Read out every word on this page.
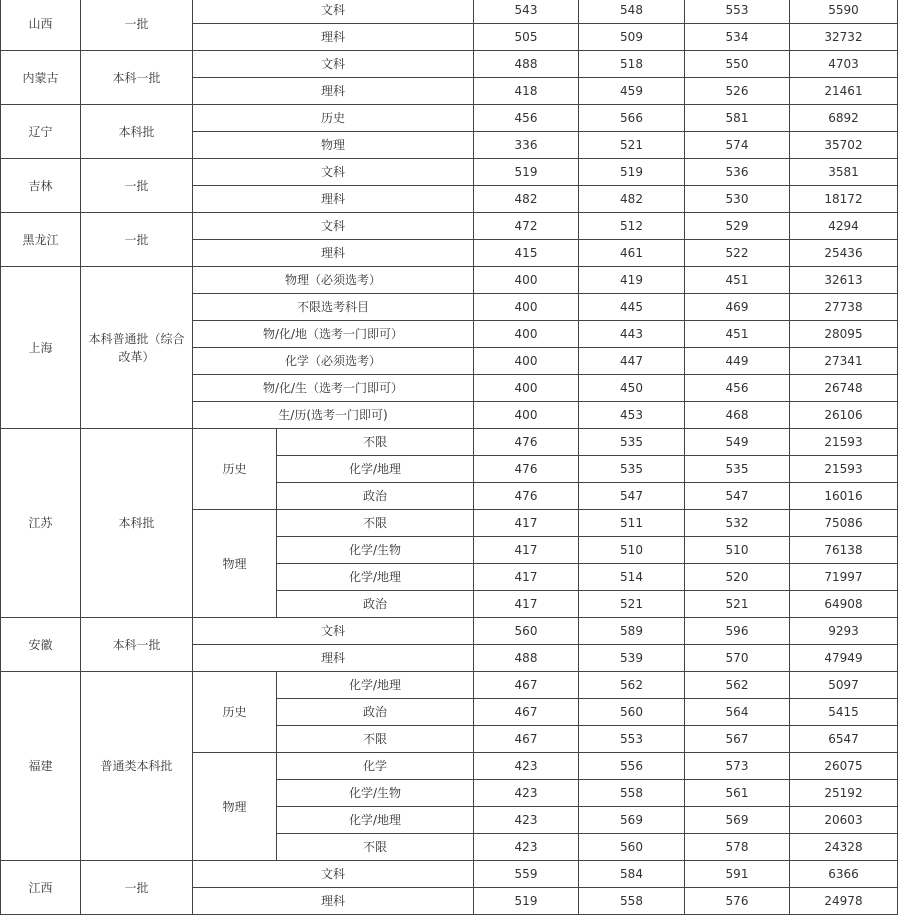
山西	一批	文科		543	548	553	5590
		理科		505	509	534	32732
内蒙古	本科一批	文科		488	518	550	4703
		理科		418	459	526	21461
辽宁	本科批	历史		456	566	581	6892
		物理		336	521	574	35702
吉林	一批	文科		519	519	536	3581
		理科		482	482	530	18172
黑龙江	一批	文科		472	512	529	4294
		理科		415	461	522	25436
上海	本科普通批（综合改革）	物理（必须选考）		400	419	451	32613
		不限选考科目		400	445	469	27738
		物/化/地（选考一门即可）		400	443	451	28095
		化学（必须选考）		400	447	449	27341
		物/化/生（选考一门即可）		400	450	456	26748
		生/历(选考一门即可)		400	453	468	26106
江苏	本科批	历史	不限	476	535	549	21593
			化学/地理	476	535	535	21593
			政治	476	547	547	16016
		物理	不限	417	511	532	75086
			化学/生物	417	510	510	76138
			化学/地理	417	514	520	71997
			政治	417	521	521	64908
安徽	本科一批	文科		560	589	596	9293
		理科		488	539	570	47949
福建	普通类本科批	历史	化学/地理	467	562	562	5097
			政治	467	560	564	5415
			不限	467	553	567	6547
		物理	化学	423	556	573	26075
			化学/生物	423	558	561	25192
			化学/地理	423	569	569	20603
			不限	423	560	578	24328
江西	一批	文科		559	584	591	6366
		理科		519	558	576	24978
